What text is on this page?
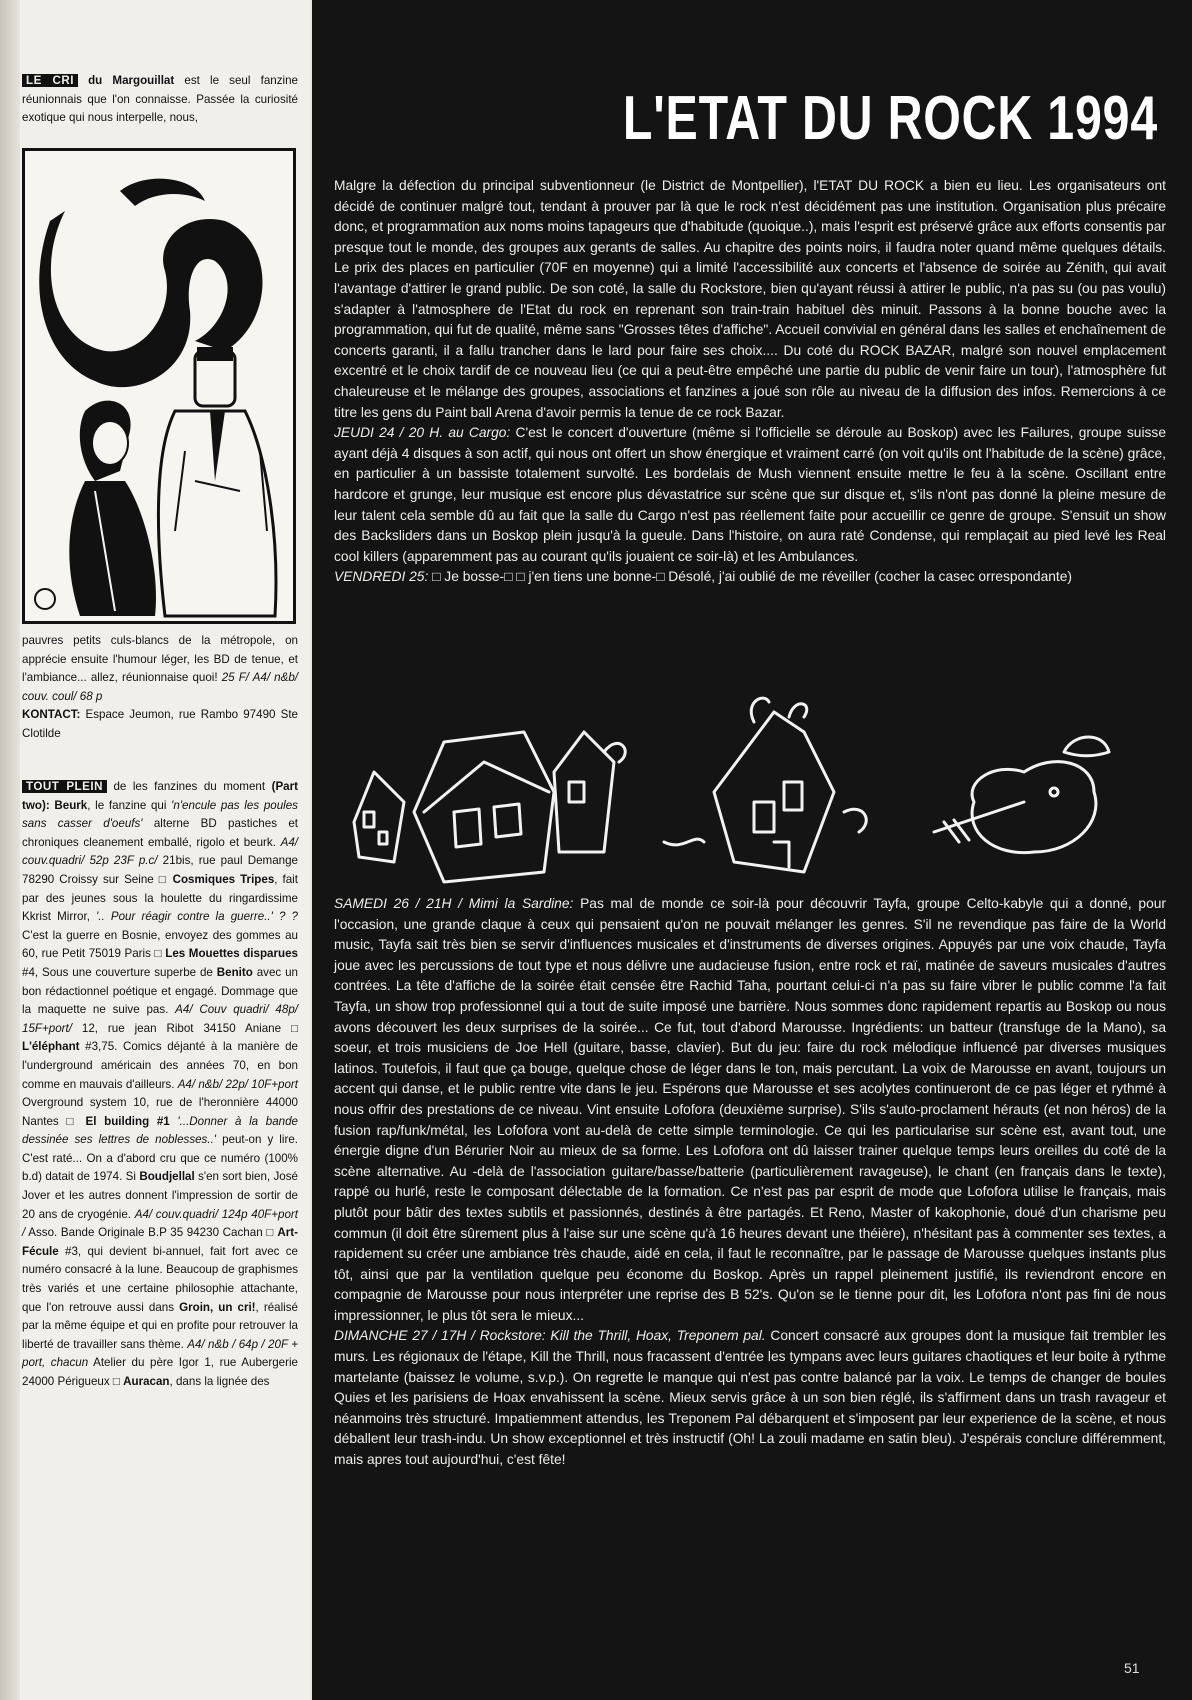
LE CRI du Margouillat est le seul fanzine réunionnais que l'on connaisse. Passée la curiosité exotique qui nous interpelle, nous,
pauvres petits culs-blancs de la métropole, on apprécie ensuite l'humour léger, les BD de tenue, et l'ambiance... allez, réunionnaise quoi! 25 F/ A4/ n&b/ couv. coul/ 68 p
KONTACT: Espace Jeumon, rue Rambo 97490 Ste Clotilde
TOUT PLEIN de les fanzines du moment (Part two): Beurk, le fanzine qui 'n'encule pas les poules sans casser d'oeufs' alterne BD pastiches et chroniques cleanement emballé, rigolo et beurk. A4/ couv.quadri/ 52p 23F p.c/ 21bis, rue paul Demange 78290 Croissy sur Seine □ Cosmiques Tripes, fait par des jeunes sous la houlette du ringardissime Kkrist Mirror, '.. Pour réagir contre la guerre..' ? ? C'est la guerre en Bosnie, envoyez des gommes au 60, rue Petit 75019 Paris □ Les Mouettes disparues #4, Sous une couverture superbe de Benito avec un bon rédactionnel poétique et engagé. Dommage que la maquette ne suive pas. A4/ Couv quadri/ 48p/ 15F+port/ 12, rue jean Ribot 34150 Aniane □ L'éléphant #3,75. Comics déjanté à la manière de l'underground américain des années 70, en bon comme en mauvais d'ailleurs. A4/ n&b/ 22p/ 10F+port Overground system 10, rue de l'heronnière 44000 Nantes □ El building #1 '...Donner à la bande dessinée ses lettres de noblesses..' peut-on y lire. C'est raté... On a d'abord cru que ce numéro (100% b.d) datait de 1974. Si Boudjellal s'en sort bien, José Jover et les autres donnent l'impression de sortir de 20 ans de cryogénie. A4/ couv.quadri/ 124p 40F+port / Asso. Bande Originale B.P 35 94230 Cachan □ Art-Fécule #3, qui devient bi-annuel, fait fort avec ce numéro consacré à la lune. Beaucoup de graphismes très variés et une certaine philosophie attachante, que l'on retrouve aussi dans Groin, un cri!, réalisé par la même équipe et qui en profite pour retrouver la liberté de travailler sans thème. A4/ n&b / 64p / 20F + port, chacun Atelier du père Igor 1, rue Aubergerie 24000 Périgueux □ Auracan, dans la lignée des
L'ETAT DU ROCK 1994

Malgre la défection du principal subventionneur (le District de Montpellier), l'ETAT DU ROCK a bien eu lieu. Les organisateurs ont décidé de continuer malgré tout, tendant à prouver par là que le rock n'est décidément pas une institution. Organisation plus précaire donc, et programmation aux noms moins tapageurs que d'habitude (quoique..), mais l'esprit est préservé grâce aux efforts consentis par presque tout le monde, des groupes aux gerants de salles. Au chapitre des points noirs, il faudra noter quand même quelques détails. Le prix des places en particulier (70F en moyenne) qui a limité l'accessibilité aux concerts et l'absence de soirée au Zénith, qui avait l'avantage d'attirer le grand public. De son coté, la salle du Rockstore, bien qu'ayant réussi à attirer le public, n'a pas su (ou pas voulu) s'adapter à l'atmosphere de l'Etat du rock en reprenant son train-train habituel dès minuit. Passons à la bonne bouche avec la programmation, qui fut de qualité, même sans "Grosses têtes d'affiche". Accueil convivial en général dans les salles et enchaînement de concerts garanti, il a fallu trancher dans le lard pour faire ses choix.... Du coté du ROCK BAZAR, malgré son nouvel emplacement excentré et le choix tardif de ce nouveau lieu (ce qui a peut-être empêché une partie du public de venir faire un tour), l'atmosphère fut chaleureuse et le mélange des groupes, associations et fanzines a joué son rôle au niveau de la diffusion des infos. Remercions à ce titre les gens du Paint ball Arena d'avoir permis la tenue de ce rock Bazar.

JEUDI 24 / 20 H. au Cargo: C'est le concert d'ouverture (même si l'officielle se déroule au Boskop) avec les Failures, groupe suisse ayant déjà 4 disques à son actif, qui nous ont offert un show énergique et vraiment carré (on voit qu'ils ont l'habitude de la scène) grâce, en particulier à un bassiste totalement survolté. Les bordelais de Mush viennent ensuite mettre le feu à la scène. Oscillant entre hardcore et grunge, leur musique est encore plus dévastatrice sur scène que sur disque et, s'ils n'ont pas donné la pleine mesure de leur talent cela semble dû au fait que la salle du Cargo n'est pas réellement faite pour accueillir ce genre de groupe. S'ensuit un show des Backsliders dans un Boskop plein jusqu'à la gueule. Dans l'histoire, on aura raté Condense, qui remplaçait au pied levé les Real cool killers (apparemment pas au courant qu'ils jouaient ce soir-là) et les Ambulances.

VENDREDI 25: □ Je bosse-□ □ j'en tiens une bonne-□ Désolé, j'ai oublié de me réveiller (cocher la casec orrespondante)

SAMEDI 26 / 21H / Mimi la Sardine: Pas mal de monde ce soir-là pour découvrir Tayfa, groupe Celto-kabyle qui a donné, pour l'occasion, une grande claque à ceux qui pensaient qu'on ne pouvait mélanger les genres. S'il ne revendique pas faire de la World music, Tayfa sait très bien se servir d'influences musicales et d'instruments de diverses origines. Appuyés par une voix chaude, Tayfa joue avec les percussions de tout type et nous délivre une audacieuse fusion, entre rock et raï, matinée de saveurs musicales d'autres contrées. La tête d'affiche de la soirée était censée être Rachid Taha, pourtant celui-ci n'a pas su faire vibrer le public comme l'a fait Tayfa, un show trop professionnel qui a tout de suite imposé une barrière. Nous sommes donc rapidement repartis au Boskop ou nous avons découvert les deux surprises de la soirée... Ce fut, tout d'abord Marousse. Ingrédients: un batteur (transfuge de la Mano), sa soeur, et trois musiciens de Joe Hell (guitare, basse, clavier). But du jeu: faire du rock mélodique influencé par diverses musiques latinos. Toutefois, il faut que ça bouge, quelque chose de léger dans le ton, mais percutant. La voix de Marousse en avant, toujours un accent qui danse, et le public rentre vite dans le jeu. Espérons que Marousse et ses acolytes continueront de ce pas léger et rythmé à nous offrir des prestations de ce niveau. Vint ensuite Lofofora (deuxième surprise). S'ils s'auto-proclament hérauts (et non héros) de la fusion rap/funk/métal, les Lofofora vont au-delà de cette simple terminologie. Ce qui les particularise sur scène est, avant tout, une énergie digne d'un Bérurier Noir au mieux de sa forme. Les Lofofora ont dû laisser trainer quelque temps leurs oreilles du coté de la scène alternative. Au -delà de l'association guitare/basse/batterie (particulièrement ravageuse), le chant (en français dans le texte), rappé ou hurlé, reste le composant délectable de la formation. Ce n'est pas par esprit de mode que Lofofora utilise le français, mais plutôt pour bâtir des textes subtils et passionnés, destinés à être partagés. Et Reno, Master of kakophonie, doué d'un charisme peu commun (il doit être sûrement plus à l'aise sur une scène qu'à 16 heures devant une théière), n'hésitant pas à commenter ses textes, a rapidement su créer une ambiance très chaude, aidé en cela, il faut le reconnaître, par le passage de Marousse quelques instants plus tôt, ainsi que par la ventilation quelque peu économe du Boskop. Après un rappel pleinement justifié, ils reviendront encore en compagnie de Marousse pour nous interpréter une reprise des B 52's. Qu'on se le tienne pour dit, les Lofofora n'ont pas fini de nous impressionner, le plus tôt sera le mieux...

DIMANCHE 27 / 17H / Rockstore: Kill the Thrill, Hoax, Treponem pal. Concert consacré aux groupes dont la musique fait trembler les murs. Les régionaux de l'étape, Kill the Thrill, nous fracassent d'entrée les tympans avec leurs guitares chaotiques et leur boite à rythme martelante (baissez le volume, s.v.p.). On regrette le manque qui n'est pas contre balancé par la voix. Le temps de changer de boules Quies et les parisiens de Hoax envahissent la scène. Mieux servis grâce à un son bien réglé, ils s'affirment dans un trash ravageur et néanmoins très structuré. Impatiemment attendus, les Treponem Pal débarquent et s'imposent par leur experience de la scène, et nous déballent leur trash-indu. Un show exceptionnel et très instructif (Oh! La zouli madame en satin bleu). J'espérais conclure différemment, mais apres tout aujourd'hui, c'est fête!

51
